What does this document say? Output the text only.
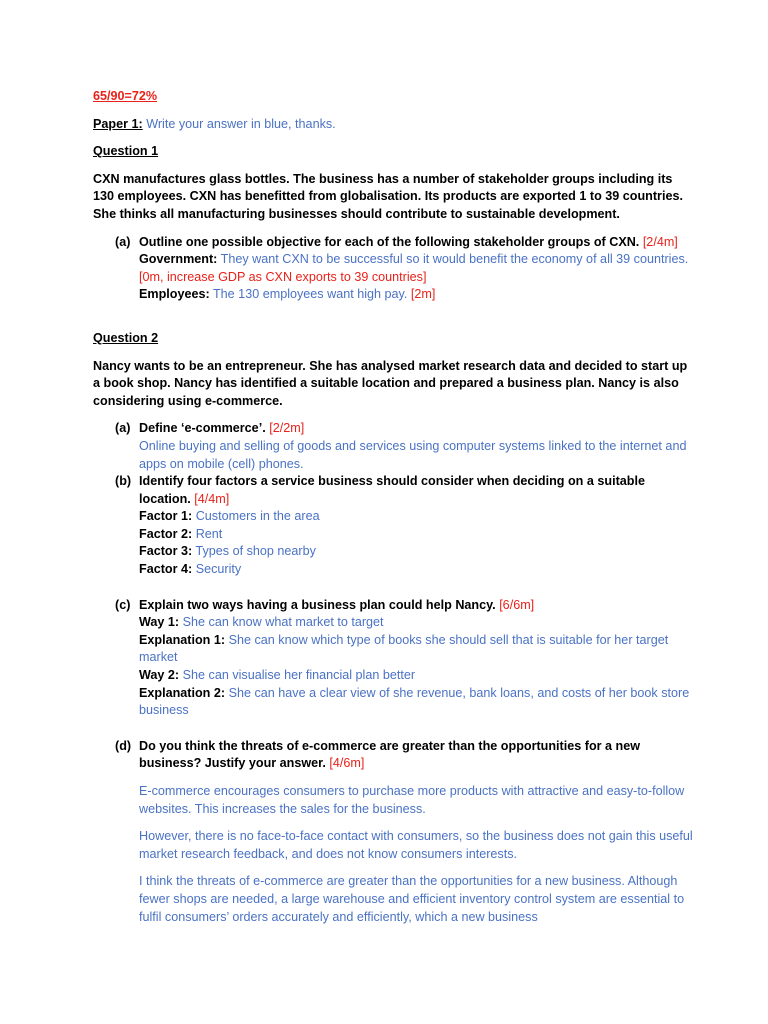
65/90=72%

Paper 1: Write your answer in blue, thanks.

Question 1

CXN manufactures glass bottles. The business has a number of stakeholder groups including its 130 employees. CXN has benefitted from globalisation. Its products are exported 1 to 39 countries. She thinks all manufacturing businesses should contribute to sustainable development.

(a) Outline one possible objective for each of the following stakeholder groups of CXN. [2/4m]

Government: They want CXN to be successful so it would benefit the economy of all 39 countries. [0m, increase GDP as CXN exports to 39 countries]

Employees: The 130 employees want high pay. [2m]

Question 2

Nancy wants to be an entrepreneur. She has analysed market research data and decided to start up a book shop. Nancy has identified a suitable location and prepared a business plan. Nancy is also considering using e-commerce.

(a) Define ‘e-commerce’. [2/2m]

Online buying and selling of goods and services using computer systems linked to the internet and apps on mobile (cell) phones.

(b) Identify four factors a service business should consider when deciding on a suitable location. [4/4m]

Factor 1: Customers in the area

Factor 2: Rent

Factor 3: Types of shop nearby

Factor 4: Security

(c) Explain two ways having a business plan could help Nancy. [6/6m]

Way 1: She can know what market to target

Explanation 1: She can know which type of books she should sell that is suitable for her target market

Way 2: She can visualise her financial plan better

Explanation 2: She can have a clear view of she revenue, bank loans, and costs of her book store business

(d) Do you think the threats of e-commerce are greater than the opportunities for a new business? Justify your answer. [4/6m]

E-commerce encourages consumers to purchase more products with attractive and easy-to-follow websites. This increases the sales for the business.

However, there is no face-to-face contact with consumers, so the business does not gain this useful market research feedback, and does not know consumers interests.

I think the threats of e-commerce are greater than the opportunities for a new business. Although fewer shops are needed, a large warehouse and efficient inventory control system are essential to fulfil consumers’ orders accurately and efficiently, which a new business
